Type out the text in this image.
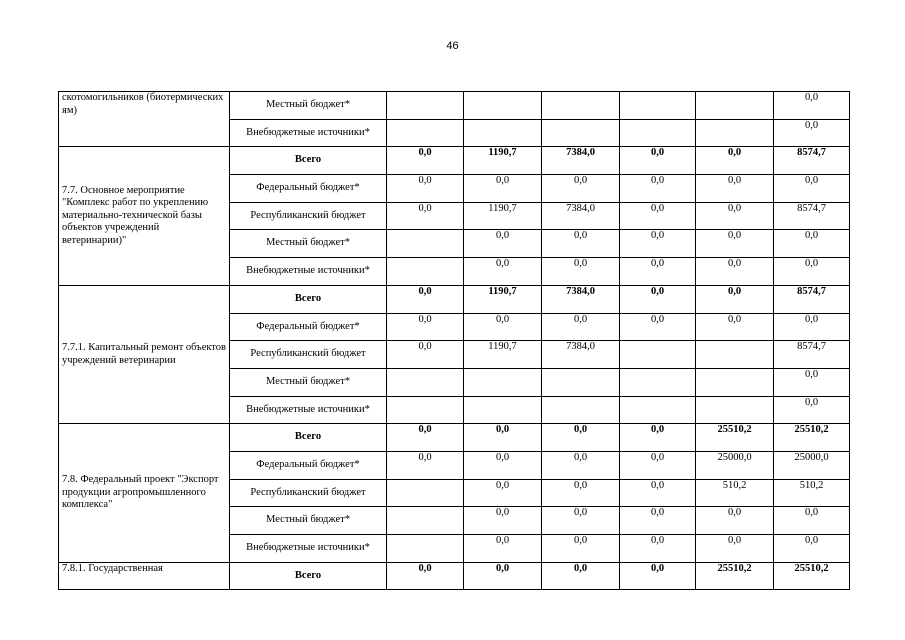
46
скотомогильников (биотермических ям)	Местный бюджет*						0,0
	Внебюджетные источники*						0,0
7.7. Основное мероприятие "Комплекс работ по укреплению материально-технической базы объектов учреждений ветеринарии)"	Всего	0,0	1190,7	7384,0	0,0	0,0	8574,7
	Федеральный бюджет*	0,0	0,0	0,0	0,0	0,0	0,0
	Республиканский бюджет	0,0	1190,7	7384,0	0,0	0,0	8574,7
	Местный бюджет*		0,0	0,0	0,0	0,0	0,0
	Внебюджетные источники*		0,0	0,0	0,0	0,0	0,0
7.7.1. Капитальный ремонт объектов учреждений ветеринарии	Всего	0,0	1190,7	7384,0	0,0	0,0	8574,7
	Федеральный бюджет*	0,0	0,0	0,0	0,0	0,0	0,0
	Республиканский бюджет	0,0	1190,7	7384,0			8574,7
	Местный бюджет*						0,0
	Внебюджетные источники*						0,0
7.8. Федеральный проект "Экспорт продукции агропромышленного комплекса"	Всего	0,0	0,0	0,0	0,0	25510,2	25510,2
	Федеральный бюджет*	0,0	0,0	0,0	0,0	25000,0	25000,0
	Республиканский бюджет		0,0	0,0	0,0	510,2	510,2
	Местный бюджет*		0,0	0,0	0,0	0,0	0,0
	Внебюджетные источники*		0,0	0,0	0,0	0,0	0,0
7.8.1. Государственная	Всего	0,0	0,0	0,0	0,0	25510,2	25510,2
